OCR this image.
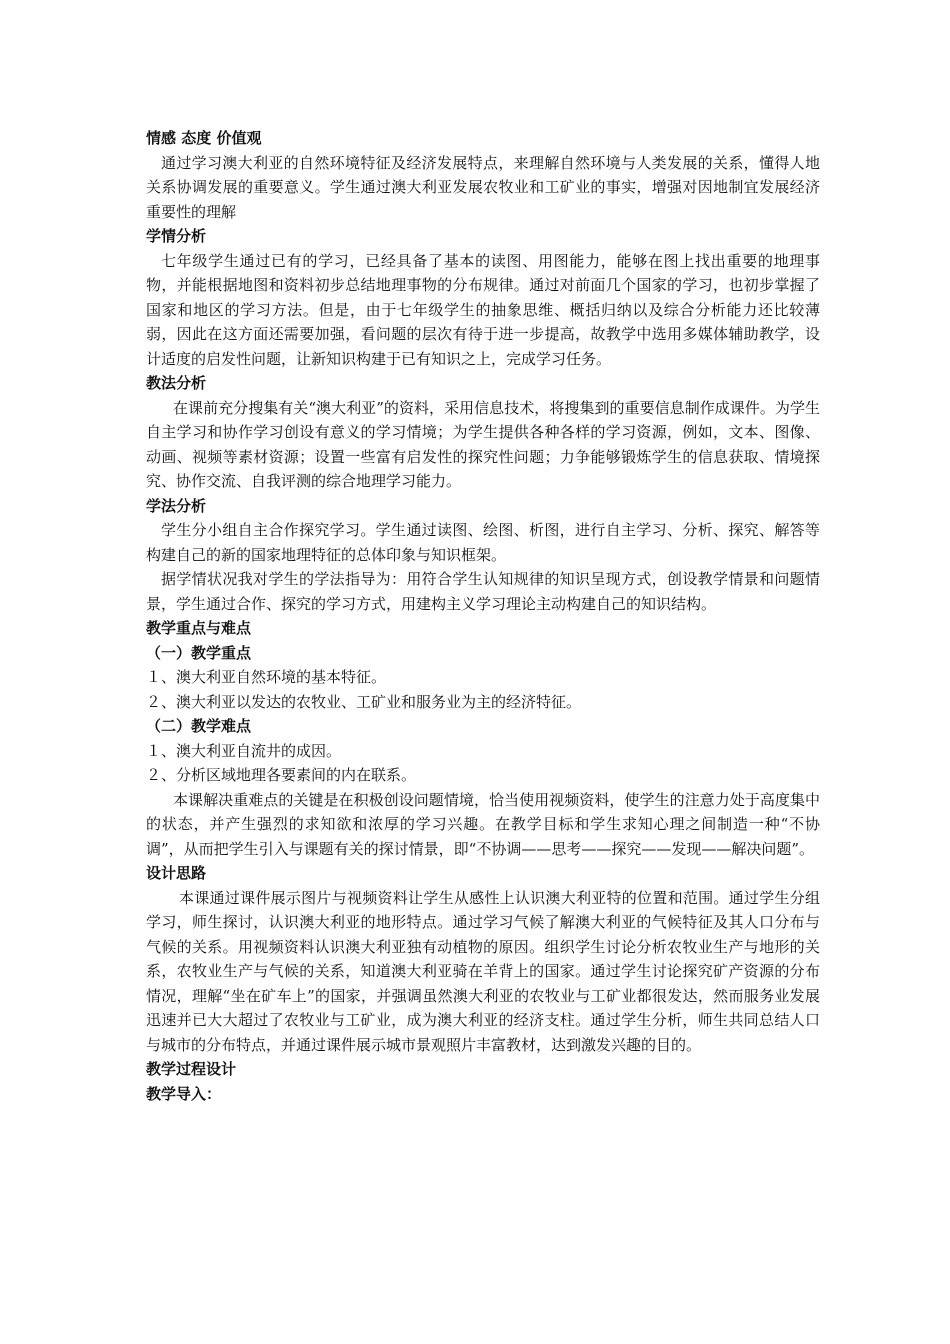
情感 态度 价值观

通过学习澳大利亚的自然环境特征及经济发展特点，来理解自然环境与人类发展的关系，懂得人地关系协调发展的重要意义。学生通过澳大利亚发展农牧业和工矿业的事实，增强对因地制宜发展经济重要性的理解

学情分析

七年级学生通过已有的学习，已经具备了基本的读图、用图能力，能够在图上找出重要的地理事物，并能根据地图和资料初步总结地理事物的分布规律。通过对前面几个国家的学习，也初步掌握了国家和地区的学习方法。但是，由于七年级学生的抽象思维、概括归纳以及综合分析能力还比较薄弱，因此在这方面还需要加强，看问题的层次有待于进一步提高，故教学中选用多媒体辅助教学，设计适度的启发性问题，让新知识构建于已有知识之上，完成学习任务。

教法分析

在课前充分搜集有关“澳大利亚”的资料，采用信息技术，将搜集到的重要信息制作成课件。为学生自主学习和协作学习创设有意义的学习情境；为学生提供各种各样的学习资源，例如，文本、图像、动画、视频等素材资源；设置一些富有启发性的探究性问题；力争能够锻炼学生的信息获取、情境探究、协作交流、自我评测的综合地理学习能力。

学法分析

学生分小组自主合作探究学习。学生通过读图、绘图、析图，进行自主学习、分析、探究、解答等构建自己的新的国家地理特征的总体印象与知识框架。

据学情状况我对学生的学法指导为：用符合学生认知规律的知识呈现方式，创设教学情景和问题情景，学生通过合作、探究的学习方式，用建构主义学习理论主动构建自己的知识结构。

教学重点与难点

（一）教学重点

１、澳大利亚自然环境的基本特征。

２、澳大利亚以发达的农牧业、工矿业和服务业为主的经济特征。

（二）教学难点

１、澳大利亚自流井的成因。

２、分析区域地理各要素间的内在联系。

本课解决重难点的关键是在积极创设问题情境，恰当使用视频资料，使学生的注意力处于高度集中的状态，并产生强烈的求知欲和浓厚的学习兴趣。在教学目标和学生求知心理之间制造一种“不协调”，从而把学生引入与课题有关的探讨情景，即“不协调——思考——探究——发现——解决问题”。

设计思路

本课通过课件展示图片与视频资料让学生从感性上认识澳大利亚特的位置和范围。通过学生分组学习，师生探讨，认识澳大利亚的地形特点。通过学习气候了解澳大利亚的气候特征及其人口分布与气候的关系。用视频资料认识澳大利亚独有动植物的原因。组织学生讨论分析农牧业生产与地形的关系，农牧业生产与气候的关系，知道澳大利亚骑在羊背上的国家。通过学生讨论探究矿产资源的分布情况，理解“坐在矿车上”的国家，并强调虽然澳大利亚的农牧业与工矿业都很发达，然而服务业发展迅速并已大大超过了农牧业与工矿业，成为澳大利亚的经济支柱。通过学生分析，师生共同总结人口与城市的分布特点，并通过课件展示城市景观照片丰富教材，达到激发兴趣的目的。

教学过程设计

教学导入：
